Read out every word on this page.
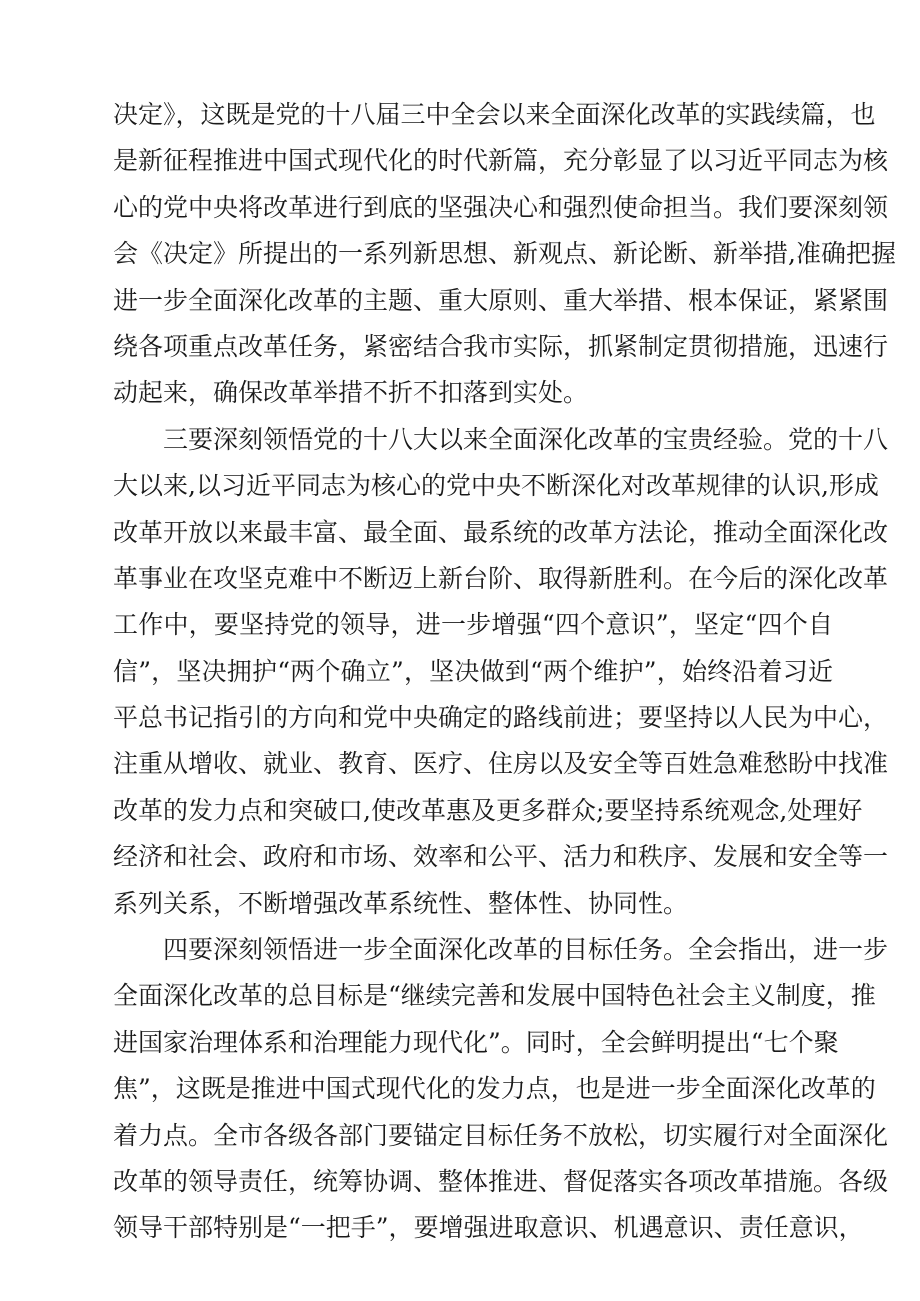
决定》，这既是党的十八届三中全会以来全面深化改革的实践续篇，也
是新征程推进中国式现代化的时代新篇，充分彰显了以习近平同志为核
心的党中央将改革进行到底的坚强决心和强烈使命担当。我们要深刻领
会《决定》所提出的一系列新思想、新观点、新论断、新举措,准确把握
进一步全面深化改革的主题、重大原则、重大举措、根本保证，紧紧围
绕各项重点改革任务，紧密结合我市实际，抓紧制定贯彻措施，迅速行
动起来，确保改革举措不折不扣落到实处。
三要深刻领悟党的十八大以来全面深化改革的宝贵经验。党的十八
大以来,以习近平同志为核心的党中央不断深化对改革规律的认识,形成
改革开放以来最丰富、最全面、最系统的改革方法论，推动全面深化改
革事业在攻坚克难中不断迈上新台阶、取得新胜利。在今后的深化改革
工作中，要坚持党的领导，进一步增强“四个意识”，坚定“四个自
信”，坚决拥护“两个确立”，坚决做到“两个维护”，始终沿着习近
平总书记指引的方向和党中央确定的路线前进；要坚持以人民为中心，
注重从增收、就业、教育、医疗、住房以及安全等百姓急难愁盼中找准
改革的发力点和突破口,使改革惠及更多群众;要坚持系统观念,处理好
经济和社会、政府和市场、效率和公平、活力和秩序、发展和安全等一
系列关系，不断增强改革系统性、整体性、协同性。
四要深刻领悟进一步全面深化改革的目标任务。全会指出，进一步
全面深化改革的总目标是“继续完善和发展中国特色社会主义制度，推
进国家治理体系和治理能力现代化”。同时，全会鲜明提出“七个聚
焦”，这既是推进中国式现代化的发力点，也是进一步全面深化改革的
着力点。全市各级各部门要锚定目标任务不放松，切实履行对全面深化
改革的领导责任，统筹协调、整体推进、督促落实各项改革措施。各级
领导干部特别是“一把手”，要增强进取意识、机遇意识、责任意识，
